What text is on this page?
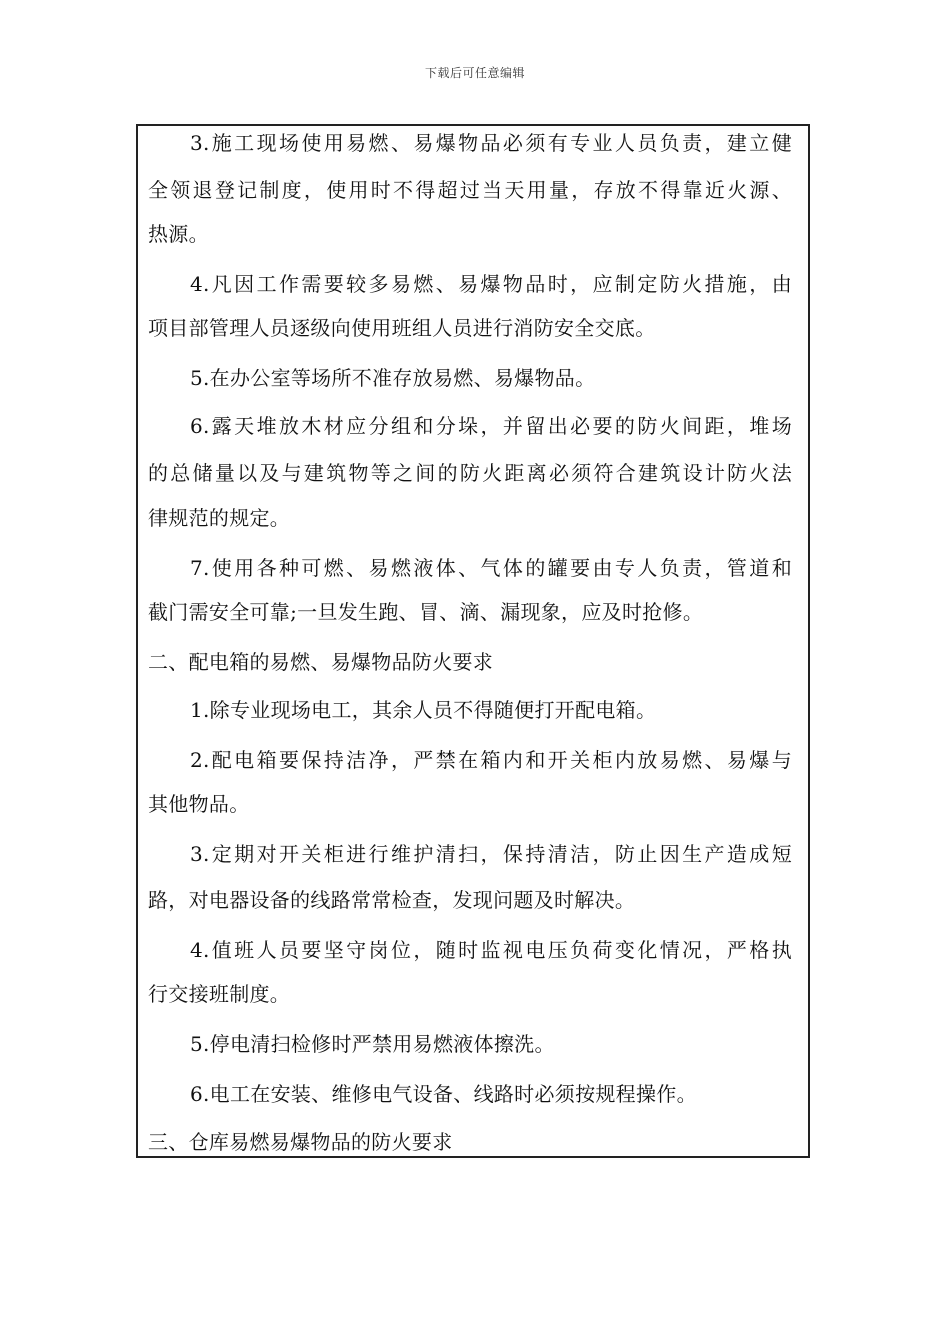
下载后可任意编辑
3.施工现场使用易燃、易爆物品必须有专业人员负责，建立健
全领退登记制度，使用时不得超过当天用量，存放不得靠近火源、
热源。
4.凡因工作需要较多易燃、易爆物品时，应制定防火措施，由
项目部管理人员逐级向使用班组人员进行消防安全交底。
5.在办公室等场所不准存放易燃、易爆物品。
6.露天堆放木材应分组和分垛，并留出必要的防火间距，堆场
的总储量以及与建筑物等之间的防火距离必须符合建筑设计防火法
律规范的规定。
7.使用各种可燃、易燃液体、气体的罐要由专人负责，管道和
截门需安全可靠;一旦发生跑、冒、滴、漏现象，应及时抢修。
二、配电箱的易燃、易爆物品防火要求
1.除专业现场电工，其余人员不得随便打开配电箱。
2.配电箱要保持洁净，严禁在箱内和开关柜内放易燃、易爆与
其他物品。
3.定期对开关柜进行维护清扫，保持清洁，防止因生产造成短
路，对电器设备的线路常常检查，发现问题及时解决。
4.值班人员要坚守岗位，随时监视电压负荷变化情况，严格执
行交接班制度。
5.停电清扫检修时严禁用易燃液体擦洗。
6.电工在安装、维修电气设备、线路时必须按规程操作。
三、仓库易燃易爆物品的防火要求
